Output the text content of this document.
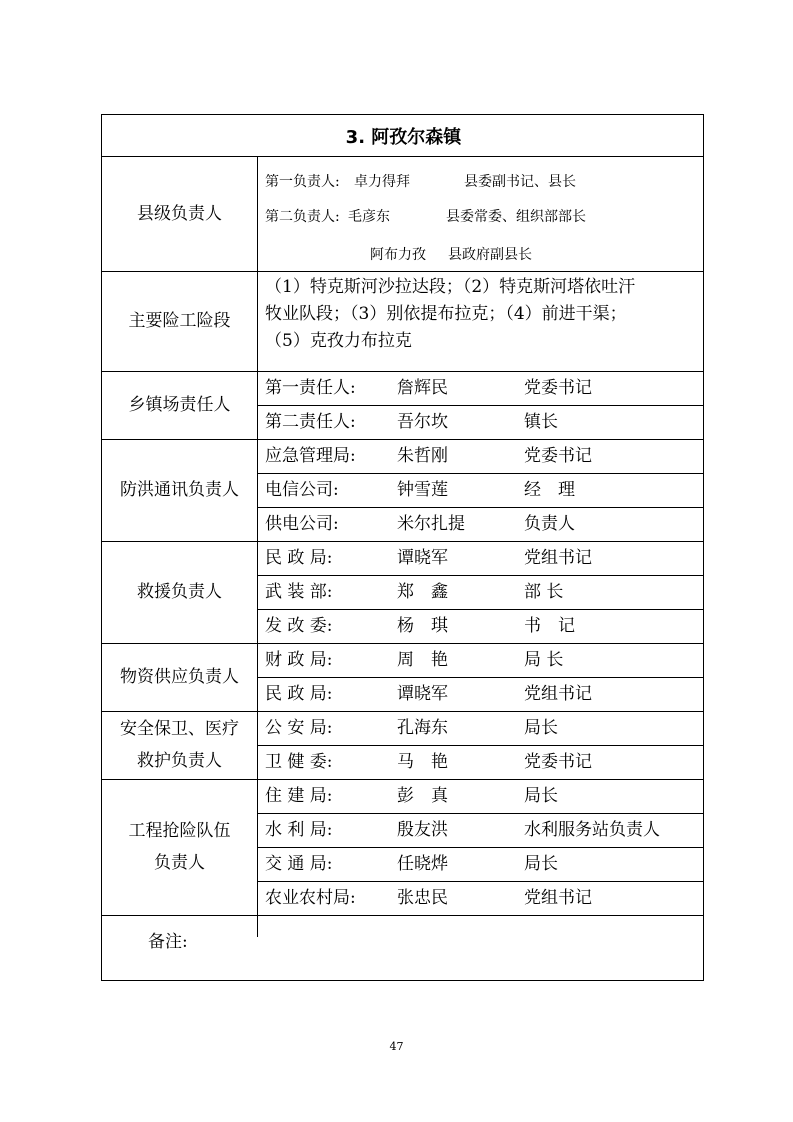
3. 阿孜尔森镇
县级负责人
第一负责人: 卓力得拜	县委副书记、县长
第二负责人: 毛彦东	县委常委、组织部部长
阿布力孜 县政府副县长
主要险工险段
（1）特克斯河沙拉达段；（2）特克斯河塔依吐汗
牧业队段；（3）别依提布拉克；（4）前进干渠；
（5）克孜力布拉克
乡镇场责任人
第一责任人: 詹辉民	党委书记
第二责任人: 吾尔坎	镇长
防洪通讯负责人
应急管理局: 朱哲刚	党委书记
电信公司:	钟雪莲	经　理
供电公司:	米尔扎提	负责人
救援负责人
民 政 局:	谭晓军	党组书记
武 装 部:	郑　鑫	部 长
发 改 委:	杨　琪	书　记
物资供应负责人
财 政 局:	周　艳	局 长
民 政 局:	谭晓军	党组书记
安全保卫、医疗
救护负责人
公 安 局:	孔海东	局长
卫 健 委:	马　艳	党委书记
工程抢险队伍
负责人
住 建 局:	彭　真	局长
水 利 局:	殷友洪	水利服务站负责人
交 通 局:	任晓烨	局长
农业农村局: 张忠民	党组书记
备注:
47
